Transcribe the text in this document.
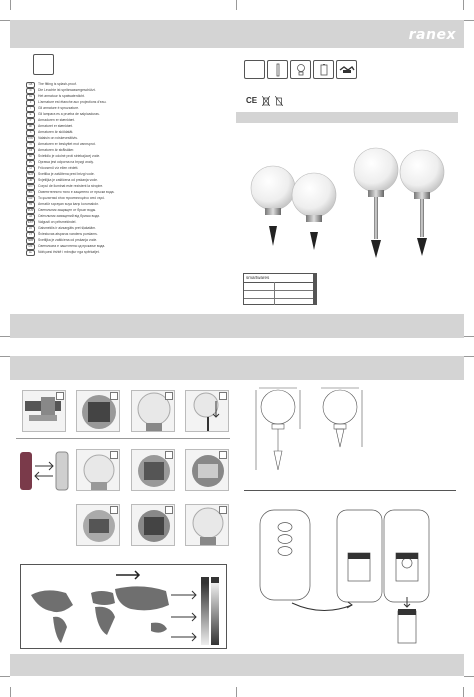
ranex
GB	The fitting is splash-proof.
D	Die Leuchte ist spritzwassergeschützt.
NL	Het armatuur is spatwaterdicht.
F	L'armature est étanche aux projections d'eau.
I	Gli armature è spruzzature.
E	Gli lampara es a prueba de salpicaduras.
P	Armaduren er stænktæt.
DK	Armaturet er stænktæt.
S	Armaturen är sköldatät.
FIN	Valaisin on roiskevesitiivis.
N	Armaturen er beskyttet mot vannsprut.
CZ	Armaturen är strålsäker.
SK	Svietidlo je odolné proti striekajúcej vode.
PL	Oprawa jest odporna na bryzgi wody.
H	Fröccsenő víz ellen védett.
SLO	Svetilka je zaščitena pred brizgi vode.
HR	Svjetiljka je zaštićena od prskanja vode.
RO	Corpul de iluminat este rezistent la stropire.
BG	Осветителното тяло е защитено от пръски вода.
GR	Το φωτιστικό είναι προστατευμένο από νερό.
TR	Armatür sıçrayan suya karşı korumalıdır.
RUS	Светильник защищен от брызг воды.
UA	Світильник захищений від бризок води.
EST	Valgusti on pritsmekindel.
LV	Gaismeklis ir aizsargāts pret šļakatām.
LT	Šviestuvas atsparus vandens purslams.
SRB	Svetiljka je zaštićena od prskanja vode.
MK	Светилката е заштитена од прскање вода.
AL	Ndriçuesi është i mbrojtur nga spërkatjet.
CE
smartwares
